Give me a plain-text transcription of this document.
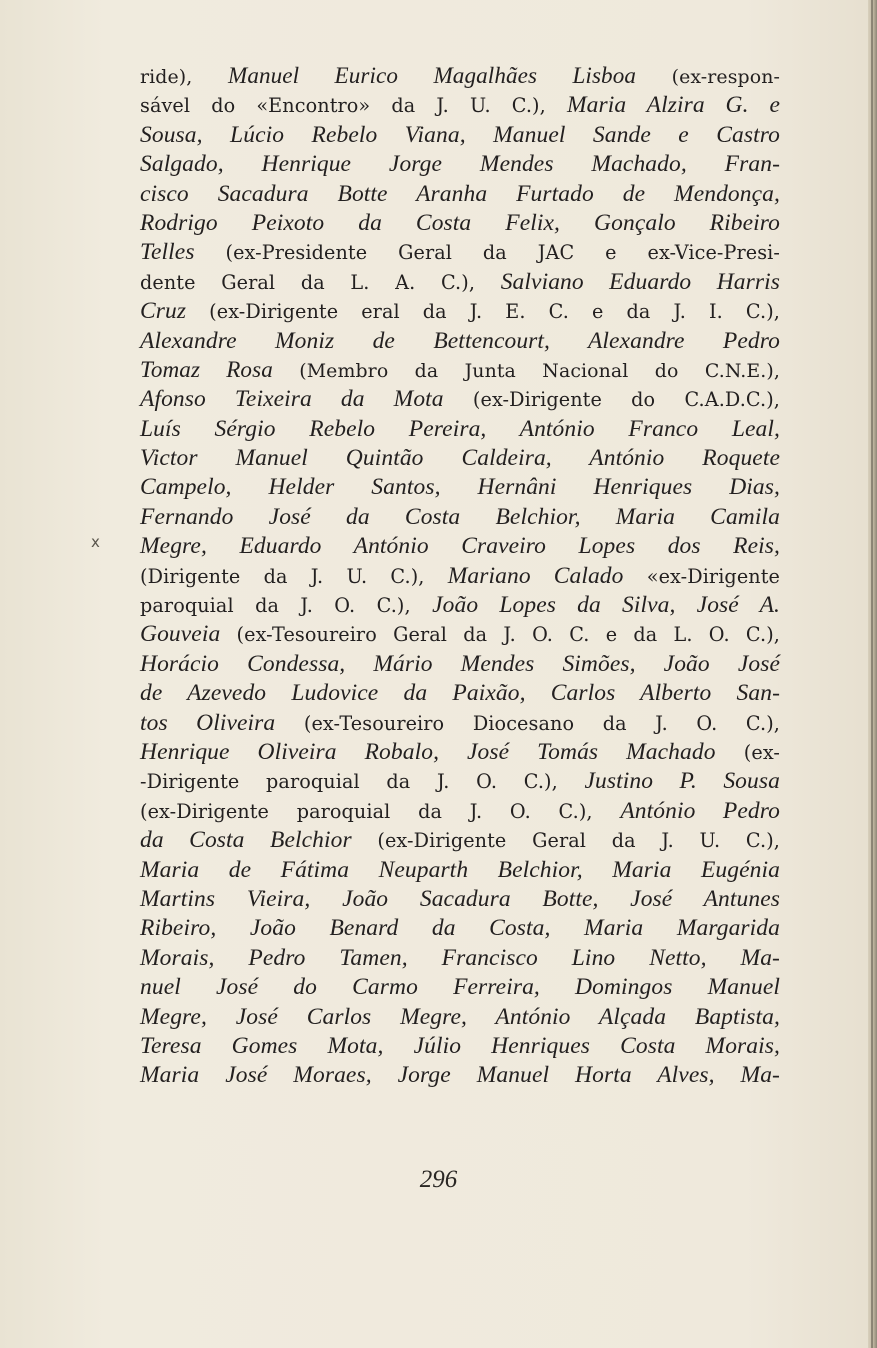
x
ride), Manuel Eurico Magalhães Lisboa (ex-respon-
sável do «Encontro» da J. U. C.), Maria Alzira G. e
Sousa, Lúcio Rebelo Viana, Manuel Sande e Castro
Salgado, Henrique Jorge Mendes Machado, Fran-
cisco Sacadura Botte Aranha Furtado de Mendonça,
Rodrigo Peixoto da Costa Felix, Gonçalo Ribeiro
Telles (ex-Presidente Geral da JAC e ex-Vice-Presi-
dente Geral da L. A. C.), Salviano Eduardo Harris
Cruz (ex-Dirigente eral da J. E. C. e da J. I. C.),
Alexandre Moniz de Bettencourt, Alexandre Pedro
Tomaz Rosa (Membro da Junta Nacional do C.N.E.),
Afonso Teixeira da Mota (ex-Dirigente do C.A.D.C.),
Luís Sérgio Rebelo Pereira, António Franco Leal,
Victor Manuel Quintão Caldeira, António Roquete
Campelo, Helder Santos, Hernâni Henriques Dias,
Fernando José da Costa Belchior, Maria Camila
Megre, Eduardo António Craveiro Lopes dos Reis,
(Dirigente da J. U. C.), Mariano Calado «ex-Dirigente
paroquial da J. O. C.), João Lopes da Silva, José A.
Gouveia (ex-Tesoureiro Geral da J. O. C. e da L. O. C.),
Horácio Condessa, Mário Mendes Simões, João José
de Azevedo Ludovice da Paixão, Carlos Alberto San-
tos Oliveira (ex-Tesoureiro Diocesano da J. O. C.),
Henrique Oliveira Robalo, José Tomás Machado (ex-
-Dirigente paroquial da J. O. C.), Justino P. Sousa
(ex-Dirigente paroquial da J. O. C.), António Pedro
da Costa Belchior (ex-Dirigente Geral da J. U. C.),
Maria de Fátima Neuparth Belchior, Maria Eugénia
Martins Vieira, João Sacadura Botte, José Antunes
Ribeiro, João Benard da Costa, Maria Margarida
Morais, Pedro Tamen, Francisco Lino Netto, Ma-
nuel José do Carmo Ferreira, Domingos Manuel
Megre, José Carlos Megre, António Alçada Baptista,
Teresa Gomes Mota, Júlio Henriques Costa Morais,
Maria José Moraes, Jorge Manuel Horta Alves, Ma-
296
